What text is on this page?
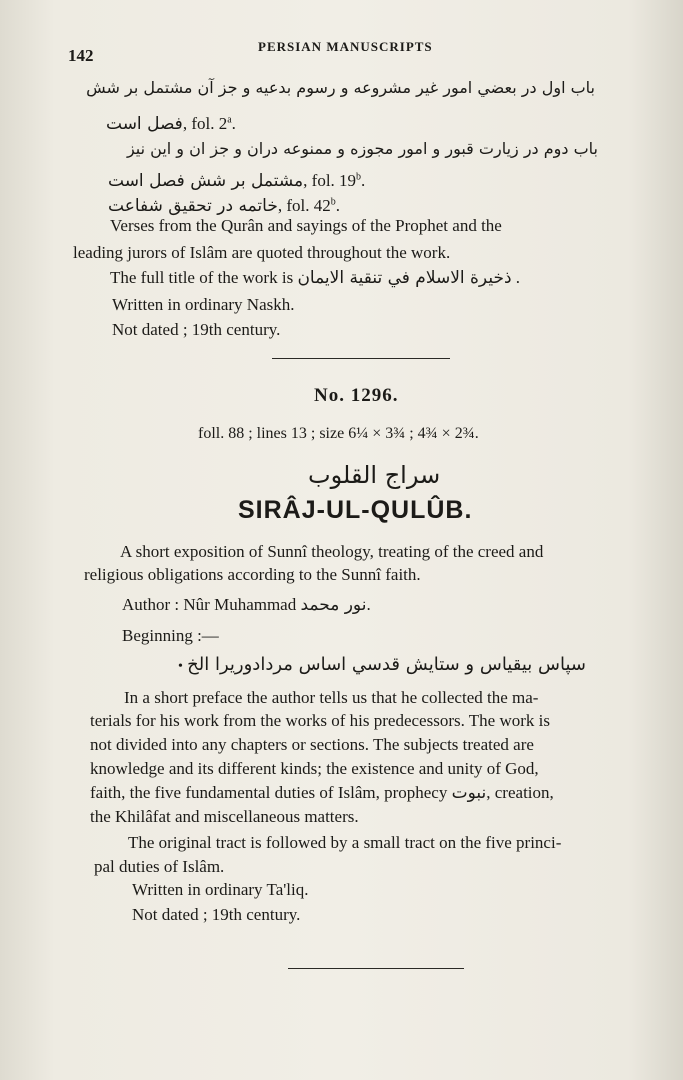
142	PERSIAN MANUSCRIPTS
باب اول در بعضي امور غير مشروعه و رسوم بدعيه و جز آن مشتمل بر شش
فصل است, fol. 2$^a$.
باب دوم در زيارت قبور و امور مجوزه و ممنوعه دران و جز ان و اين نيز
مشتمل بر شش فصل است, fol. 19$^b$.
خاتمه در تحقيق شفاعت, fol. 42$^b$.
Verses from the Qurân and sayings of the Prophet and the
leading jurors of Islâm are quoted throughout the work.
The full title of the work is ذخيرة الاسلام في تنقية الايمان .
Written in ordinary Naskh.
Not dated ; 19th century.
No. 1296.
foll. 88 ; lines 13 ; size 6¼ × 3¾ ; 4¾ × 2¾.
سراج القلوب
SIRÂJ-UL-QULÛB.
A short exposition of Sunnî theology, treating of the creed and
religious obligations according to the Sunnî faith.
Author : Nûr Muhammad نور محمد.
Beginning :—
• سپاس بيقياس و ستايش قدسي اساس مردادوريرا الخ
In a short preface the author tells us that he collected the ma-
terials for his work from the works of his predecessors. The work is
not divided into any chapters or sections. The subjects treated are
knowledge and its different kinds; the existence and unity of God,
faith, the five fundamental duties of Islâm, prophecy نبوت, creation,
the Khilâfat and miscellaneous matters.
The original tract is followed by a small tract on the five princi-
pal duties of Islâm.
Written in ordinary Ta'liq.
Not dated ; 19th century.
